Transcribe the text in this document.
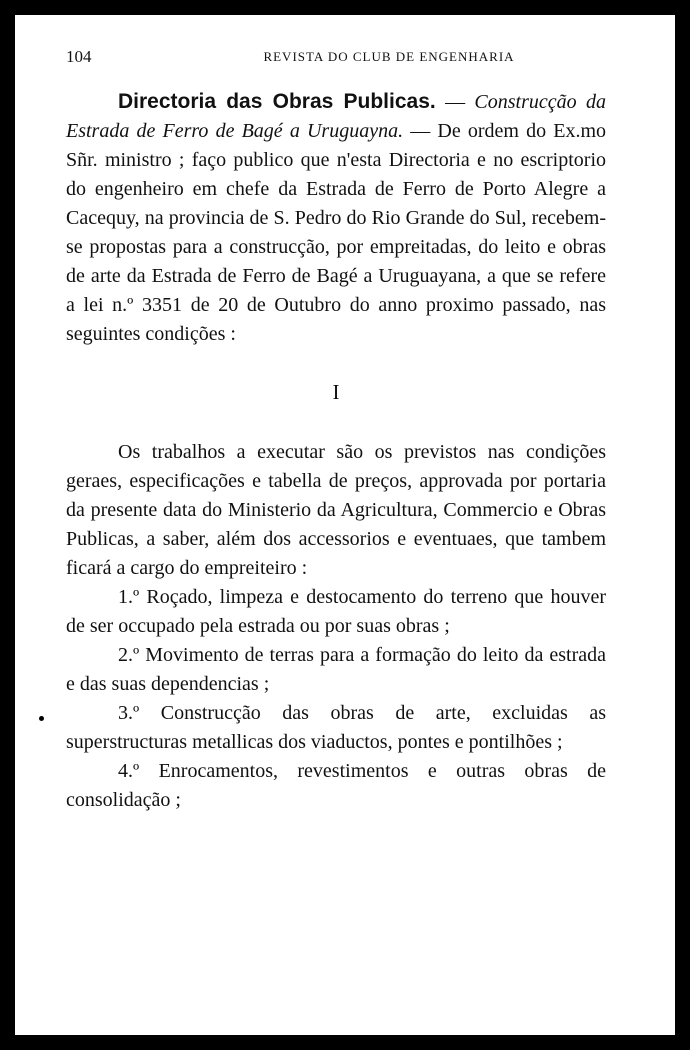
104	REVISTA DO CLUB DE ENGENHARIA

Directoria das Obras Publicas. — Construcção da Estrada de Ferro de Bagé a Uruguayna. — De ordem do Ex.mo Sñr. ministro ; faço publico que n'esta Directoria e no escriptorio do engenheiro em chefe da Estrada de Ferro de Porto Alegre a Cacequy, na provincia de S. Pedro do Rio Grande do Sul, recebem-se propostas para a construcção, por empreitadas, do leito e obras de arte da Estrada de Ferro de Bagé a Uruguayana, a que se refere a lei n.º 3351 de 20 de Outubro do anno proximo passado, nas seguintes condições :

I

Os trabalhos a executar são os previstos nas condições geraes, especificações e tabella de preços, approvada por portaria da presente data do Ministerio da Agricultura, Commercio e Obras Publicas, a saber, além dos accessorios e eventuaes, que tambem ficará a cargo do empreiteiro :

1.º Roçado, limpeza e destocamento do terreno que houver de ser occupado pela estrada ou por suas obras ;

2.º Movimento de terras para a formação do leito da estrada e das suas dependencias ;

3.º Construcção das obras de arte, excluidas as superstructuras metallicas dos viaductos, pontes e pontilhões ;

4.º Enrocamentos, revestimentos e outras obras de consolidação ;
